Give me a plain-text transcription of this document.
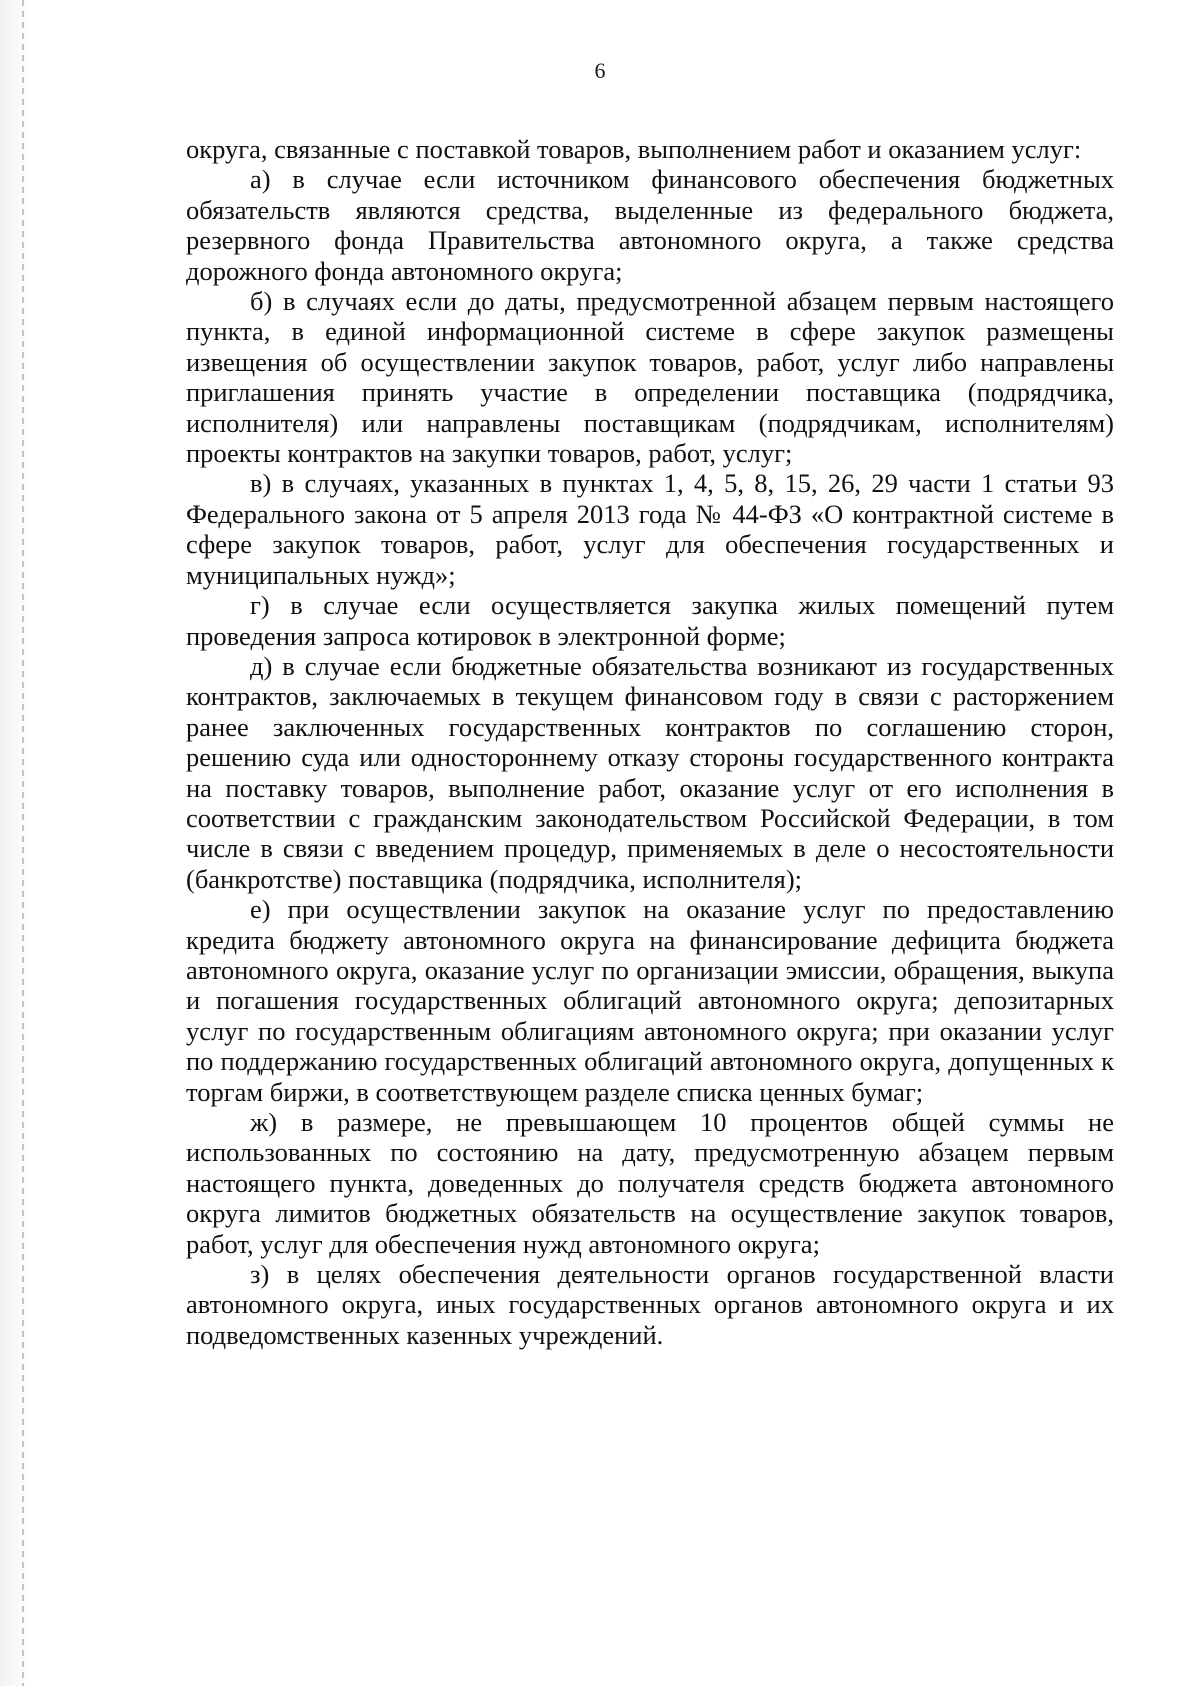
6

округа, связанные с поставкой товаров, выполнением работ и оказанием услуг:

а) в случае если источником финансового обеспечения бюджетных обязательств являются средства, выделенные из федерального бюджета, резервного фонда Правительства автономного округа, а также средства дорожного фонда автономного округа;

б) в случаях если до даты, предусмотренной абзацем первым настоящего пункта, в единой информационной системе в сфере закупок размещены извещения об осуществлении закупок товаров, работ, услуг либо направлены приглашения принять участие в определении поставщика (подрядчика, исполнителя) или направлены поставщикам (подрядчикам, исполнителям) проекты контрактов на закупки товаров, работ, услуг;

в) в случаях, указанных в пунктах 1, 4, 5, 8, 15, 26, 29 части 1 статьи 93 Федерального закона от 5 апреля 2013 года № 44-ФЗ «О контрактной системе в сфере закупок товаров, работ, услуг для обеспечения государственных и муниципальных нужд»;

г) в случае если осуществляется закупка жилых помещений путем проведения запроса котировок в электронной форме;

д) в случае если бюджетные обязательства возникают из государственных контрактов, заключаемых в текущем финансовом году в связи с расторжением ранее заключенных государственных контрактов по соглашению сторон, решению суда или одностороннему отказу стороны государственного контракта на поставку товаров, выполнение работ, оказание услуг от его исполнения в соответствии с гражданским законодательством Российской Федерации, в том числе в связи с введением процедур, применяемых в деле о несостоятельности (банкротстве) поставщика (подрядчика, исполнителя);

е) при осуществлении закупок на оказание услуг по предоставлению кредита бюджету автономного округа на финансирование дефицита бюджета автономного округа, оказание услуг по организации эмиссии, обращения, выкупа и погашения государственных облигаций автономного округа; депозитарных услуг по государственным облигациям автономного округа; при оказании услуг по поддержанию государственных облигаций автономного округа, допущенных к торгам биржи, в соответствующем разделе списка ценных бумаг;

ж) в размере, не превышающем 10 процентов общей суммы не использованных по состоянию на дату, предусмотренную абзацем первым настоящего пункта, доведенных до получателя средств бюджета автономного округа лимитов бюджетных обязательств на осуществление закупок товаров, работ, услуг для обеспечения нужд автономного округа;

з) в целях обеспечения деятельности органов государственной власти автономного округа, иных государственных органов автономного округа и их подведомственных казенных учреждений.
